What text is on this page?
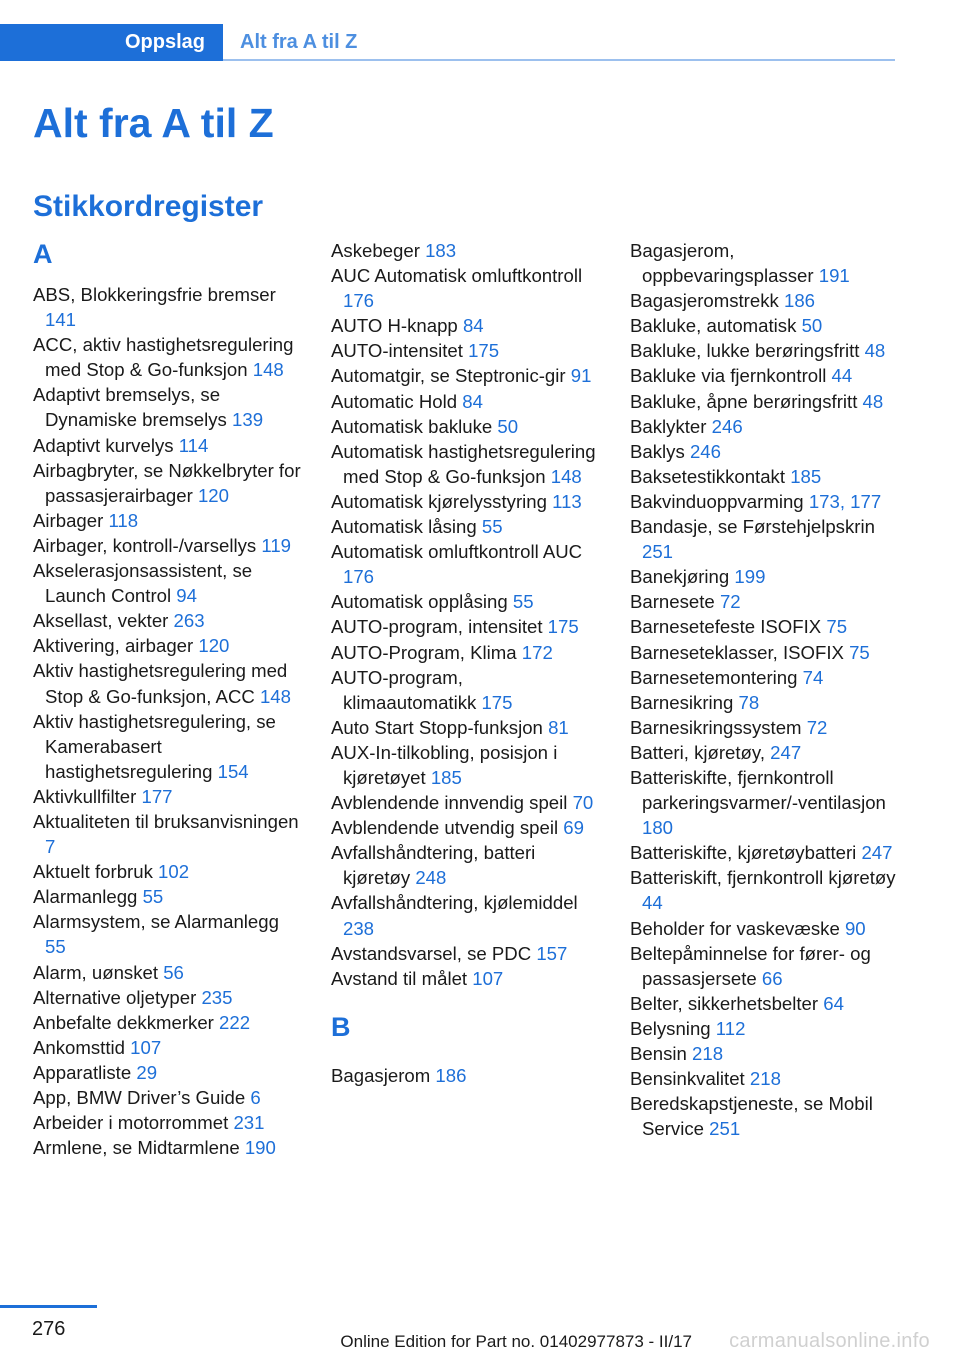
Oppslag	Alt fra A til Z
Alt fra A til Z
Stikkordregister
A
ABS, Blokkeringsfrie bremser 141
ACC, aktiv hastighetsregulering med Stop & Go-funksjon 148
Adaptivt bremselys, se Dynamiske bremselys 139
Adaptivt kurvelys 114
Airbagbryter, se Nøkkelbryter for passasjerairbager 120
Airbager 118
Airbager, kontroll-/varsellys 119
Akselerasjonsassistent, se Launch Control 94
Aksellast, vekter 263
Aktivering, airbager 120
Aktiv hastighetsregulering med Stop & Go-funksjon, ACC 148
Aktiv hastighetsregulering, se Kamerabasert hastighetsregulering 154
Aktivkullfilter 177
Aktualiteten til bruksanvisningen 7
Aktuelt forbruk 102
Alarmanlegg 55
Alarmsystem, se Alarmanlegg 55
Alarm, uønsket 56
Alternative oljetyper 235
Anbefalte dekkmerker 222
Ankomsttid 107
Apparatliste 29
App, BMW Driver’s Guide 6
Arbeider i motorrommet 231
Armlene, se Midtarmlene 190
Askebeger 183
AUC Automatisk omluftkontroll 176
AUTO H-knapp 84
AUTO-intensitet 175
Automatgir, se Steptronic-gir 91
Automatic Hold 84
Automatisk bakluke 50
Automatisk hastighetsregulering med Stop & Go-funksjon 148
Automatisk kjørelysstyring 113
Automatisk låsing 55
Automatisk omluftkontroll AUC 176
Automatisk opplåsing 55
AUTO-program, intensitet 175
AUTO-Program, Klima 172
AUTO-program, klimaautomatikk 175
Auto Start Stopp-funksjon 81
AUX-In-tilkobling, posisjon i kjøretøyet 185
Avblendende innvendig speil 70
Avblendende utvendig speil 69
Avfallshåndtering, batteri kjøretøy 248
Avfallshåndtering, kjølemiddel 238
Avstandsvarsel, se PDC 157
Avstand til målet 107
B
Bagasjerom 186
Bagasjerom, oppbevaringsplasser 191
Bagasjeromstrekk 186
Bakluke, automatisk 50
Bakluke, lukke berøringsfritt 48
Bakluke via fjernkontroll 44
Bakluke, åpne berøringsfritt 48
Baklykter 246
Baklys 246
Baksetestikkontakt 185
Bakvinduoppvarming 173, 177
Bandasje, se Førstehjelpskrin 251
Banekjøring 199
Barnesete 72
Barnesetefeste ISOFIX 75
Barneseteklasser, ISOFIX 75
Barnesetemontering 74
Barnesikring 78
Barnesikringssystem 72
Batteri, kjøretøy, 247
Batteriskifte, fjernkontroll parkeringsvarmer/-ventilasjon 180
Batteriskifte, kjøretøybatteri 247
Batteriskift, fjernkontroll kjøretøy 44
Beholder for vaskevæske 90
Beltepåminnelse for fører- og passasjersete 66
Belter, sikkerhetsbelter 64
Belysning 112
Bensin 218
Bensinkvalitet 218
Beredskapstjeneste, se Mobil Service 251
276
Online Edition for Part no. 01402977873 - II/17 carmanualsonline.info
